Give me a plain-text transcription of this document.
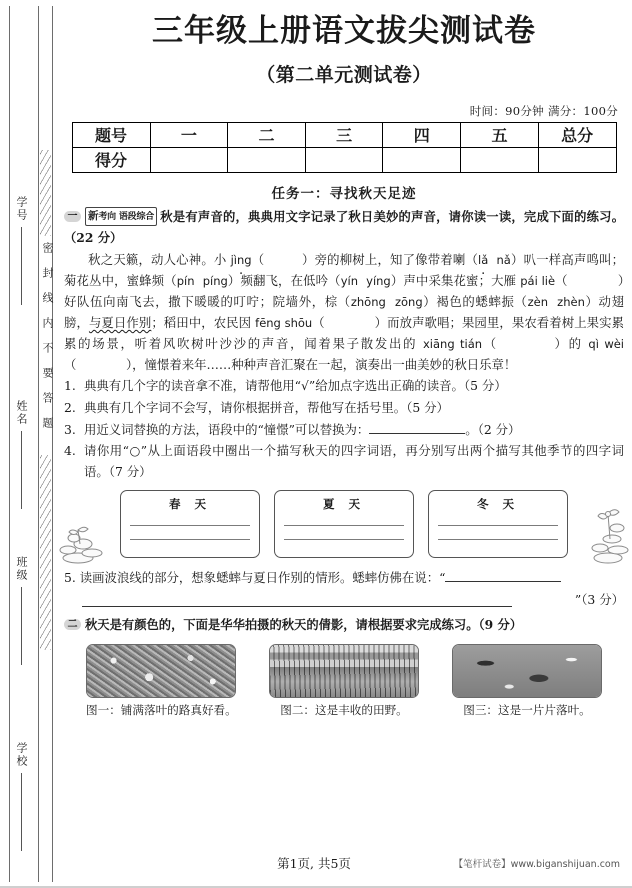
学号
姓名
班级
学校
密封线内不要答题
三年级上册语文拔尖测试卷
（第二单元测试卷）
时间：90分钟 满分：100分
题号	一	二	三	四	五	总分
得分						
任务一：寻找秋天足迹
一 新考向 语段综合 秋是有声音的，典典用文字记录了秋日美妙的声音，请你读一读，完成下面的练习。（22 分）
秋之天籁，动人心神。小 jìng ·（　　　）旁的柳树上，知了像带着喇（lǎ · nǎ）叭一样高声鸣叫；菊花丛中，蜜蜂频（pín píng）频翻飞，在低吟（yín yíng）声中采集花蜜；大雁 pái liè（　　　　）好队伍向南飞去，撒下暖暖的叮咛；院墙外，棕（zhōng zōng）褐色的蟋蟀振（zèn zhèn）动翅膀，与夏日作别；稻田中，农民因 fēng shōu（　　　　）而放声歌唱；果园里，果农看着树上果实累累的场景，听着风吹树叶沙沙的声音，闻着果子散发出的 xiāng tián（　　　　）的 qì wèi（　　　　），憧憬着来年……种种声音汇聚在一起，演奏出一曲美妙的秋日乐章！
1. 典典有几个字的读音拿不准，请帮他用“√”给加点字选出正确的读音。（5 分）
2. 典典有几个字词不会写，请你根据拼音，帮他写在括号里。（5 分）
3. 用近义词替换的方法，语段中的“憧憬”可以替换为：	。（2 分）
4. 请你用“○”从上面语段中圈出一个描写秋天的四字词语，再分别写出两个描写其他季节的四字词语。（7 分）
春 天	夏 天	冬 天
5. 读画波浪线的部分，想象蟋蟀与夏日作别的情形。蟋蟀仿佛在说：“
”（3 分）
二 秋天是有颜色的，下面是华华拍摄的秋天的倩影，请根据要求完成练习。（9 分）
图一：铺满落叶的路真好看。	图二：这是丰收的田野。	图三：这是一片片落叶。
第1页, 共5页	【笔杆试卷】www.biganshijuan.com
